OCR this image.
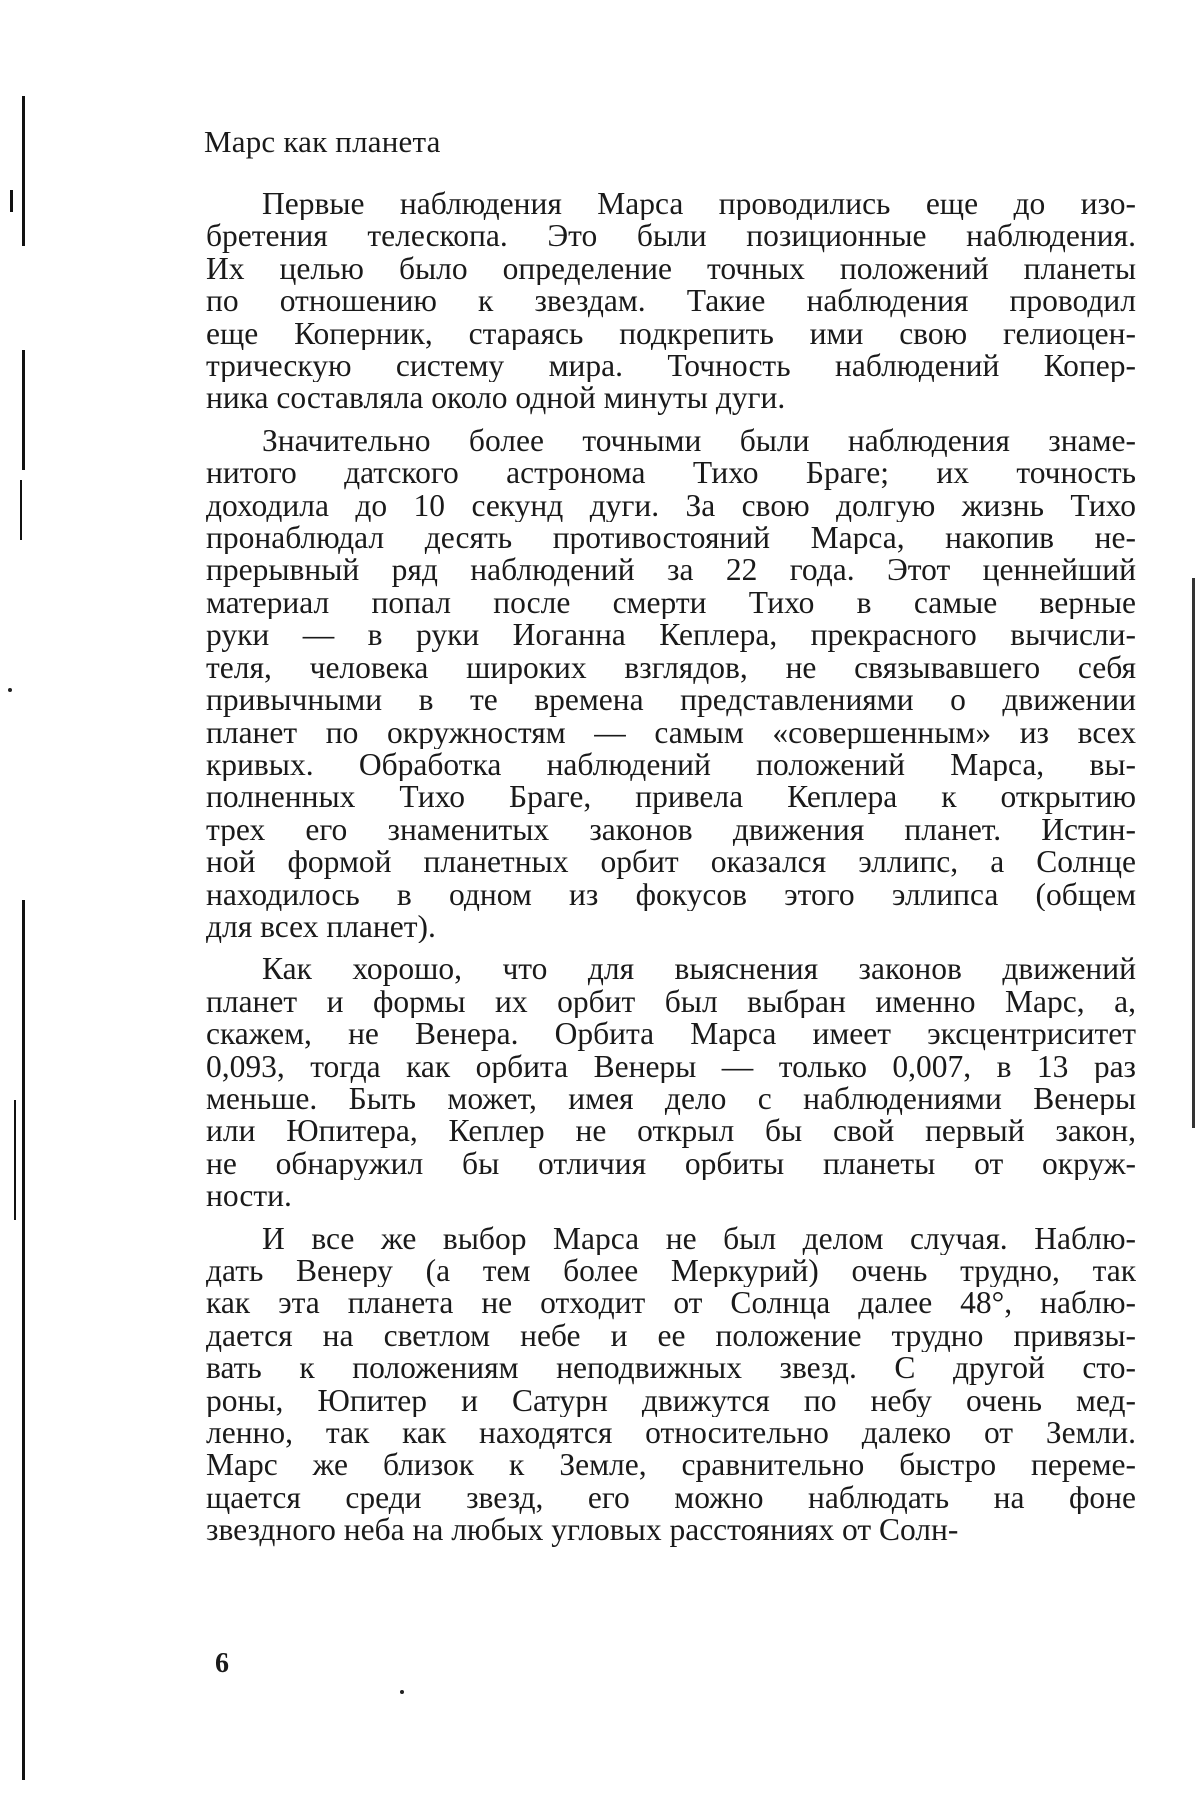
Марс как планета
Первые наблюдения Марса проводились еще до изо-
бретения телескопа. Это были позиционные наблюдения.
Их целью было определение точных положений планеты
по отношению к звездам. Такие наблюдения проводил
еще Коперник, стараясь подкрепить ими свою гелиоцен-
трическую систему мира. Точность наблюдений Копер-
ника составляла около одной минуты дуги.
Значительно более точными были наблюдения знаме-
нитого датского астронома Тихо Браге; их точность
доходила до 10 секунд дуги. За свою долгую жизнь Тихо
пронаблюдал десять противостояний Марса, накопив не-
прерывный ряд наблюдений за 22 года. Этот ценнейший
материал попал после смерти Тихо в самые верные
руки — в руки Иоганна Кеплера, прекрасного вычисли-
теля, человека широких взглядов, не связывавшего себя
привычными в те времена представлениями о движении
планет по окружностям — самым «совершенным» из всех
кривых. Обработка наблюдений положений Марса, вы-
полненных Тихо Браге, привела Кеплера к открытию
трех его знаменитых законов движения планет. Истин-
ной формой планетных орбит оказался эллипс, а Солнце
находилось в одном из фокусов этого эллипса (общем
для всех планет).
Как хорошо, что для выяснения законов движений
планет и формы их орбит был выбран именно Марс, а,
скажем, не Венера. Орбита Марса имеет эксцентриситет
0,093, тогда как орбита Венеры — только 0,007, в 13 раз
меньше. Быть может, имея дело с наблюдениями Венеры
или Юпитера, Кеплер не открыл бы свой первый закон,
не обнаружил бы отличия орбиты планеты от окруж-
ности.
И все же выбор Марса не был делом случая. Наблю-
дать Венеру (а тем более Меркурий) очень трудно, так
как эта планета не отходит от Солнца далее 48°, наблю-
дается на светлом небе и ее положение трудно привязы-
вать к положениям неподвижных звезд. С другой сто-
роны, Юпитер и Сатурн движутся по небу очень мед-
ленно, так как находятся относительно далеко от Земли.
Марс же близок к Земле, сравнительно быстро переме-
щается среди звезд, его можно наблюдать на фоне
звездного неба на любых угловых расстояниях от Солн-
6
